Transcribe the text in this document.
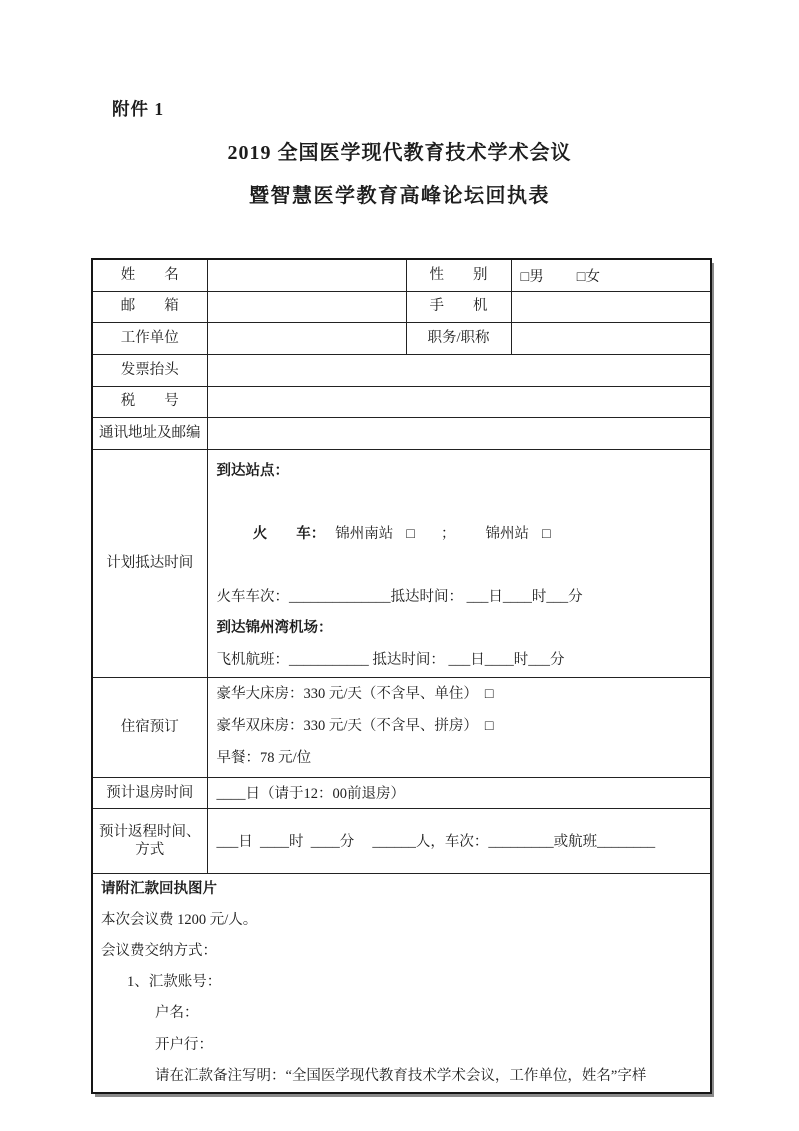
附件 1
2019 全国医学现代教育技术学术会议
暨智慧医学教育高峰论坛回执表
姓　　名		性　　别	□男 □女
邮　　箱		手　　机	
工作单位		职务/职称	
发票抬头			
税　　号			
通讯地址及邮编			
计划抵达时间	到达站点：

火　　车： 锦州南站 □ ； 锦州站 □

火车车次：______________抵达时间： ___日____时___分
到达锦州湾机场：
飞机航班：___________ 抵达时间： ___日____时___分		

住宿预订	豪华大床房：330 元/天（不含早、单住） □
豪华双床房：330 元/天（不含早、拼房） □
早餐：78 元/位		

预计退房时间	____日（请于12：00前退房）		

预计返程时间、
方式	___日  ____时  ____分     ______人，车次：_________或航班________		

请附汇款回执图片
本次会议费 1200 元/人。
会议费交纳方式：
1、汇款账号：
户名：
开户行：
请在汇款备注写明：“全国医学现代教育技术学术会议，工作单位，姓名”字样
